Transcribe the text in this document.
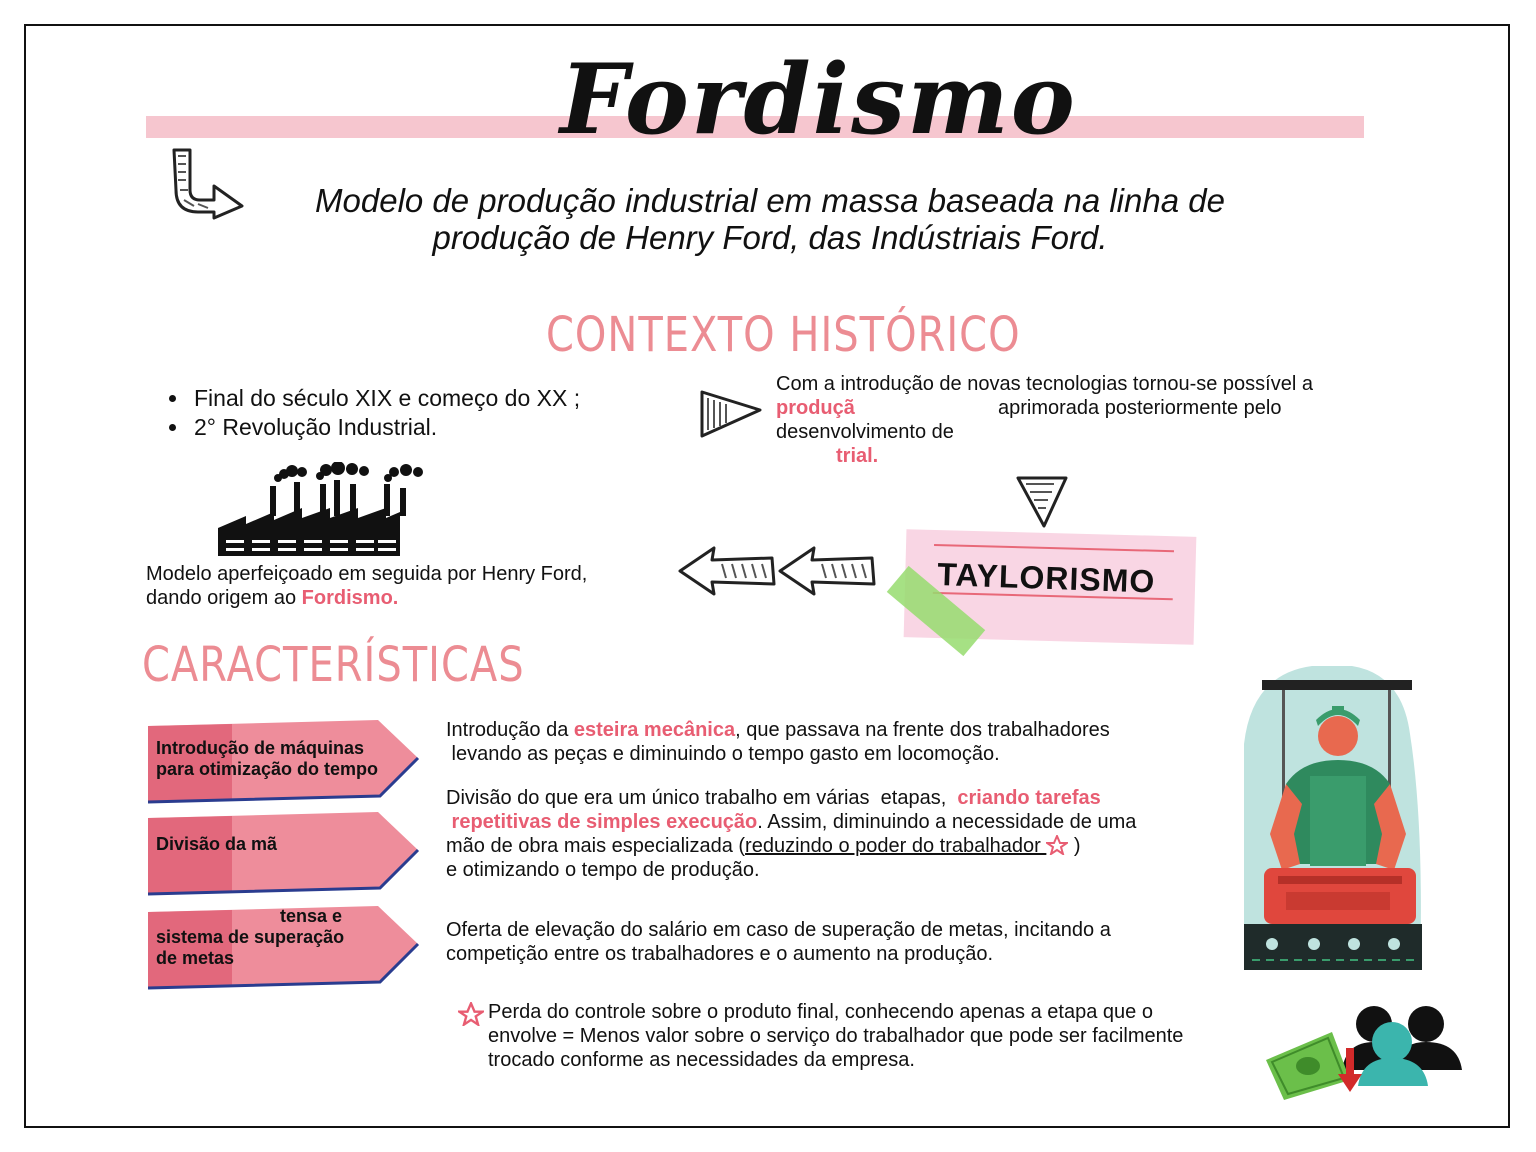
Fordismo
Modelo de produção industrial em massa baseada na linha de
produção de Henry Ford, das Indústriais Ford.
CONTEXTO HISTÓRICO
• Final do século XIX e começo do XX ;
• 2° Revolução Industrial.
Com a introdução de novas tecnologias tornou-se possível a
produçã	aprimorada posteriormente pelo
desenvolvimento de
trial.
Modelo aperfeiçoado em seguida por Henry Ford,
dando origem ao Fordismo.	TAYLORISMO
CARACTERÍSTICAS
Introdução de máquinas
para otimização do tempo
Divisão da mã
tensa e
sistema de superação
de metas
Introdução da esteira mecânica, que passava na frente dos trabalhadores
levando as peças e diminuindo o tempo gasto em locomoção.
Divisão do que era um único trabalho em várias  etapas,  criando tarefas
repetitivas de simples execução. Assim, diminuindo a necessidade de uma
mão de obra mais especializada (reduzindo o poder do trabalhador  )
e otimizando o tempo de produção.
Oferta de elevação do salário em caso de superação de metas, incitando a
competição entre os trabalhadores e o aumento na produção.
Perda do controle sobre o produto final, conhecendo apenas a etapa que o
envolve = Menos valor sobre o serviço do trabalhador que pode ser facilmente
trocado conforme as necessidades da empresa.
